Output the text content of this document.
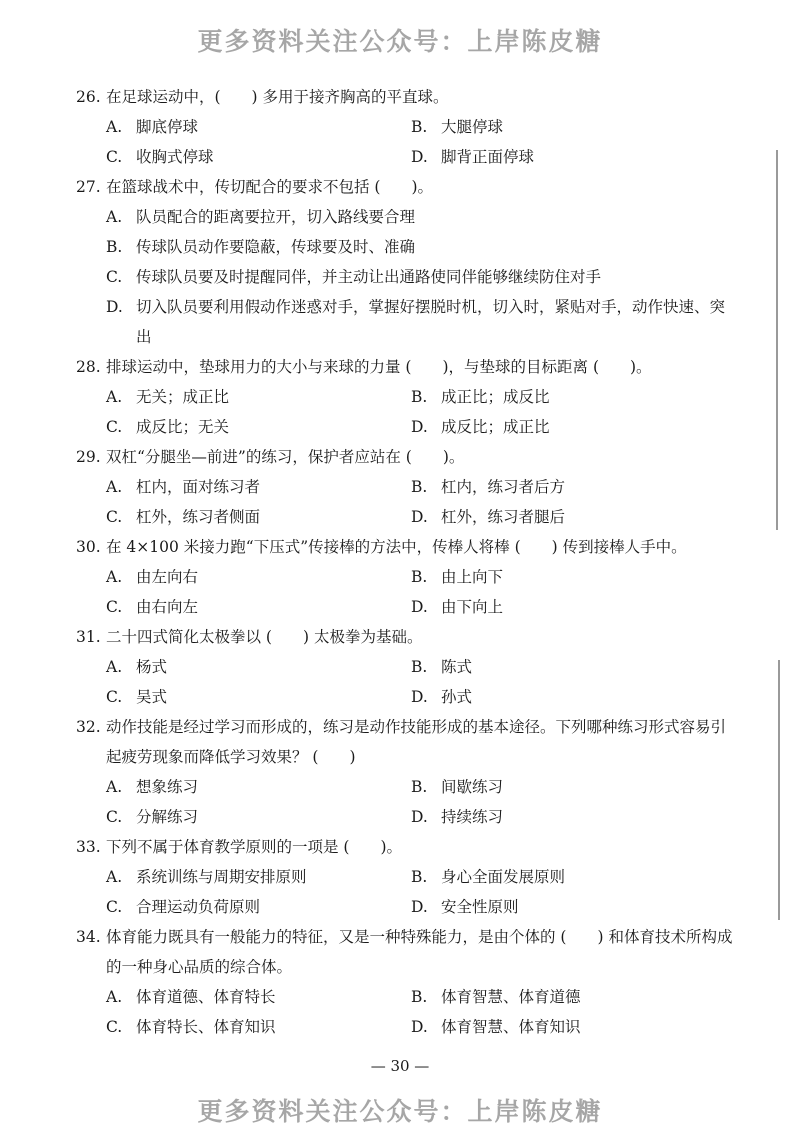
更多资料关注公众号：上岸陈皮糖
26. 在足球运动中，(　　) 多用于接齐胸高的平直球。
A. 脚底停球	B. 大腿停球
C. 收胸式停球	D. 脚背正面停球
27. 在篮球战术中，传切配合的要求不包括 (　　)。
A. 队员配合的距离要拉开，切入路线要合理
B. 传球队员动作要隐蔽，传球要及时、准确
C. 传球队员要及时提醒同伴，并主动让出通路使同伴能够继续防住对手
D. 切入队员要利用假动作迷惑对手，掌握好摆脱时机，切入时，紧贴对手，动作快速、突出
28. 排球运动中，垫球用力的大小与来球的力量 (　　)，与垫球的目标距离 (　　)。
A. 无关；成正比	B. 成正比；成反比
C. 成反比；无关	D. 成反比；成正比
29. 双杠“分腿坐—前进”的练习，保护者应站在 (　　)。
A. 杠内，面对练习者	B. 杠内，练习者后方
C. 杠外，练习者侧面	D. 杠外，练习者腿后
30. 在 4×100 米接力跑“下压式”传接棒的方法中，传棒人将棒 (　　) 传到接棒人手中。
A. 由左向右	B. 由上向下
C. 由右向左	D. 由下向上
31. 二十四式简化太极拳以 (　　) 太极拳为基础。
A. 杨式	B. 陈式
C. 吴式	D. 孙式
32. 动作技能是经过学习而形成的，练习是动作技能形成的基本途径。下列哪种练习形式容易引起疲劳现象而降低学习效果？ (　　)
A. 想象练习	B. 间歇练习
C. 分解练习	D. 持续练习
33. 下列不属于体育教学原则的一项是 (　　)。
A. 系统训练与周期安排原则	B. 身心全面发展原则
C. 合理运动负荷原则	D. 安全性原则
34. 体育能力既具有一般能力的特征，又是一种特殊能力，是由个体的 (　　) 和体育技术所构成的一种身心品质的综合体。
A. 体育道德、体育特长	B. 体育智慧、体育道德
C. 体育特长、体育知识	D. 体育智慧、体育知识
— 30 —
更多资料关注公众号：上岸陈皮糖
